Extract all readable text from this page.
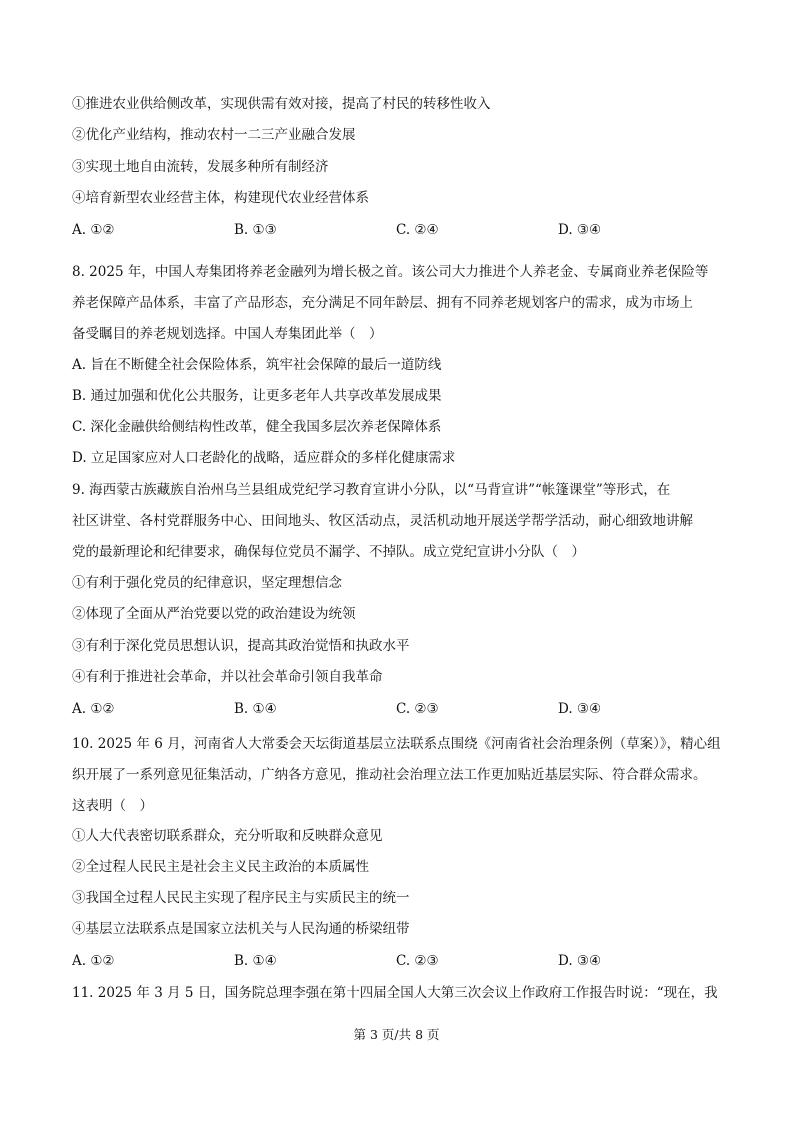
①推进农业供给侧改革，实现供需有效对接，提高了村民的转移性收入
②优化产业结构，推动农村一二三产业融合发展
③实现土地自由流转，发展多种所有制经济
④培育新型农业经营主体，构建现代农业经营体系
A. ①②	B. ①③	C. ②④	D. ③④
8. 2025 年，中国人寿集团将养老金融列为增长极之首。该公司大力推进个人养老金、专属商业养老保险等
养老保障产品体系，丰富了产品形态，充分满足不同年龄层、拥有不同养老规划客户的需求，成为市场上
备受瞩目的养老规划选择。中国人寿集团此举（　）
A. 旨在不断健全社会保险体系，筑牢社会保障的最后一道防线
B. 通过加强和优化公共服务，让更多老年人共享改革发展成果
C. 深化金融供给侧结构性改革，健全我国多层次养老保障体系
D. 立足国家应对人口老龄化的战略，适应群众的多样化健康需求
9. 海西蒙古族藏族自治州乌兰县组成党纪学习教育宣讲小分队，以“马背宣讲”“帐篷课堂”等形式，在
社区讲堂、各村党群服务中心、田间地头、牧区活动点，灵活机动地开展送学帮学活动，耐心细致地讲解
党的最新理论和纪律要求，确保每位党员不漏学、不掉队。成立党纪宣讲小分队（　）
①有利于强化党员的纪律意识，坚定理想信念
②体现了全面从严治党要以党的政治建设为统领
③有利于深化党员思想认识，提高其政治觉悟和执政水平
④有利于推进社会革命，并以社会革命引领自我革命
A. ①②	B. ①④	C. ②③	D. ③④
10. 2025 年 6 月，河南省人大常委会天坛街道基层立法联系点围绕《河南省社会治理条例（草案）》，精心组
织开展了一系列意见征集活动，广纳各方意见，推动社会治理立法工作更加贴近基层实际、符合群众需求。
这表明（　）
①人大代表密切联系群众，充分听取和反映群众意见
②全过程人民民主是社会主义民主政治的本质属性
③我国全过程人民民主实现了程序民主与实质民主的统一
④基层立法联系点是国家立法机关与人民沟通的桥梁纽带
A. ①②	B. ①④	C. ②③	D. ③④
11. 2025 年 3 月 5 日，国务院总理李强在第十四届全国人大第三次会议上作政府工作报告时说：“现在，我
第 3 页/共 8 页
